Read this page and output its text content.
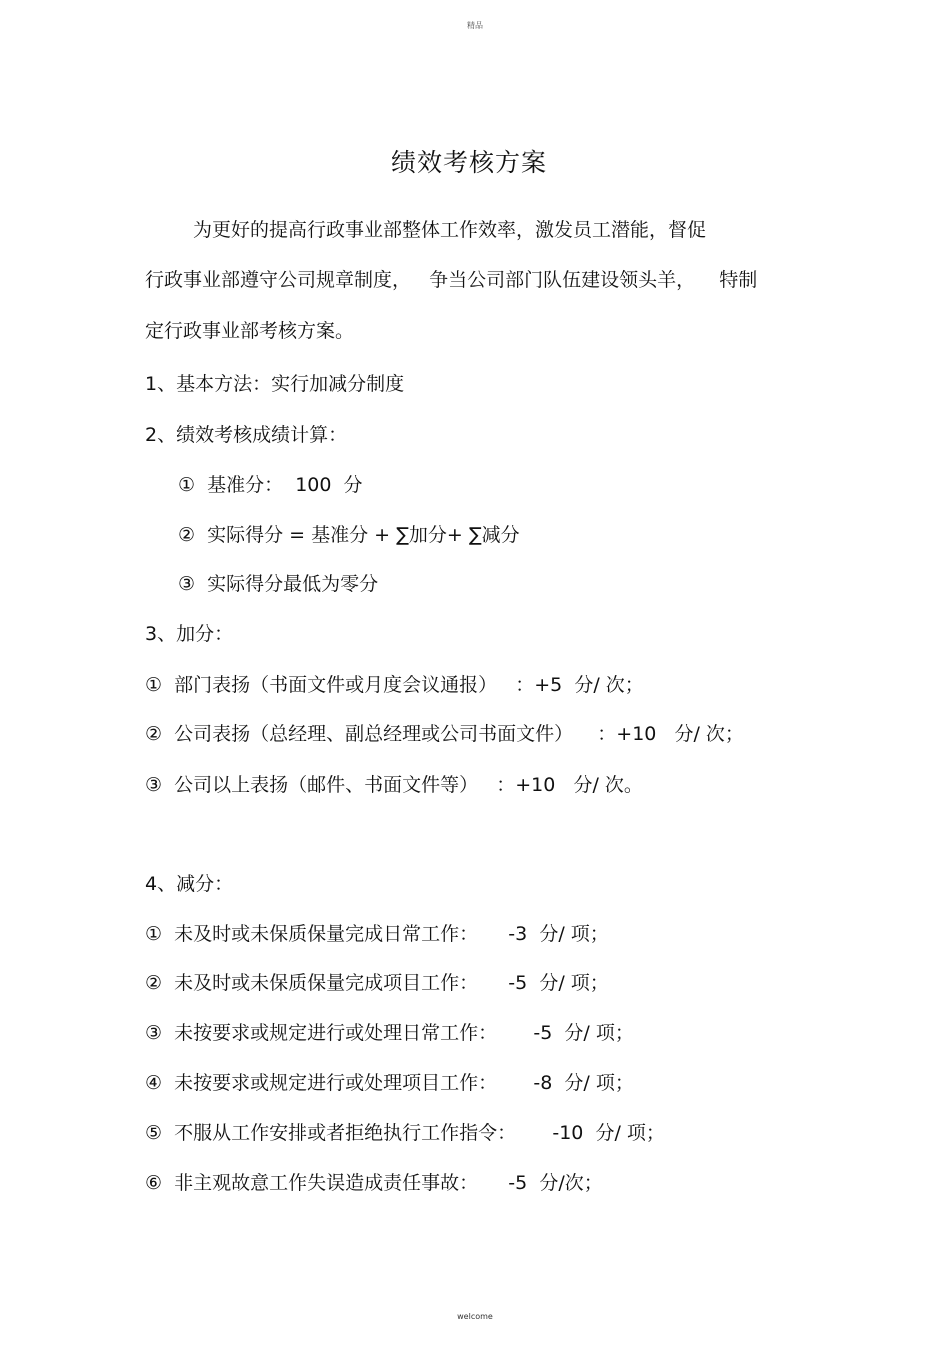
精品
绩效考核方案
为更好的提高行政事业部整体工作效率，激发员工潜能，督促
行政事业部遵守公司规章制度，   争当公司部门队伍建设领头羊，    特制
定行政事业部考核方案。
1、基本方法：实行加减分制度
2、绩效考核成绩计算：
①  基准分：  100  分
②  实际得分 = 基准分 + ∑加分+ ∑减分
③  实际得分最低为零分
3、加分：
①  部门表扬（书面文件或月度会议通报）   ：+5  分/ 次；
②  公司表扬（总经理、副总经理或公司书面文件）    ：+10   分/ 次；
③  公司以上表扬（邮件、书面文件等）   ：+10   分/ 次。
4、减分：
①  未及时或未保质保量完成日常工作：     -3  分/ 项；
②  未及时或未保质保量完成项目工作：     -5  分/ 项；
③  未按要求或规定进行或处理日常工作：      -5  分/ 项；
④  未按要求或规定进行或处理项目工作：      -8  分/ 项；
⑤  不服从工作安排或者拒绝执行工作指令：      -10  分/ 项；
⑥  非主观故意工作失误造成责任事故：     -5  分/次；
welcome
